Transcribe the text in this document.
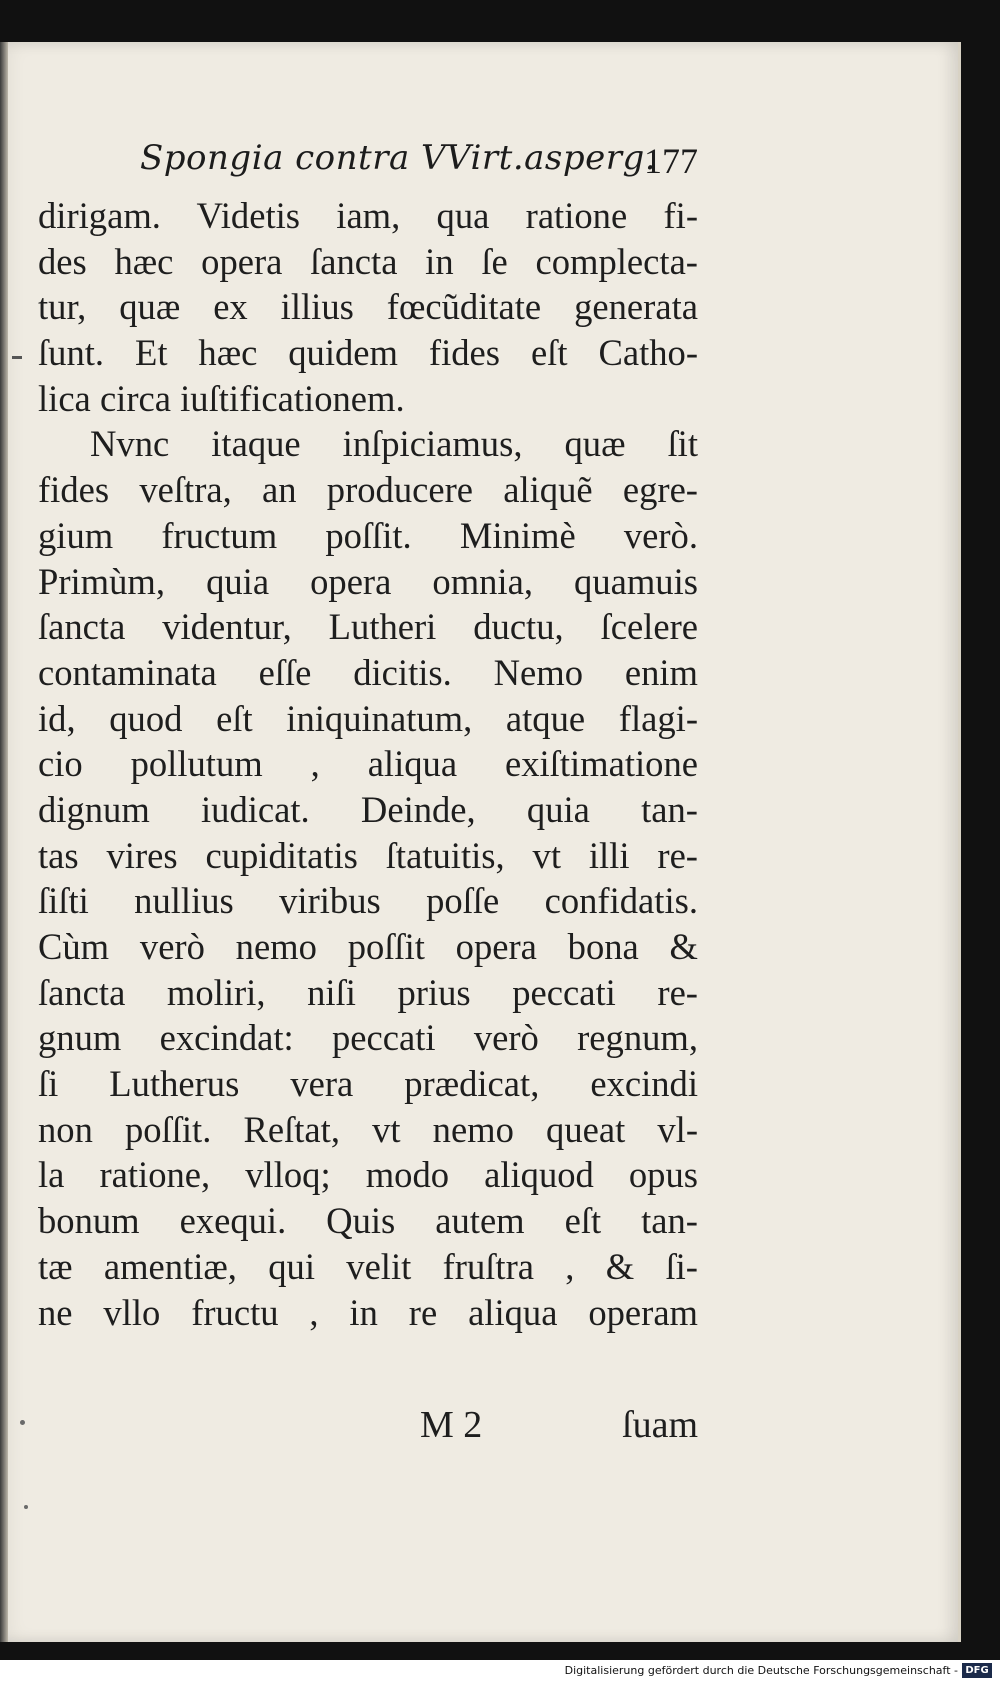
Spongia contra VVirt.asperg.
177
dirigam. Videtis iam, qua ratione fi-
des hæc opera ſancta in ſe complecta-
tur, quæ ex illius fœcũditate generata
ſunt. Et hæc quidem fides eſt Catho-
lica circa iuſtificationem.
Nvnc itaque inſpiciamus, quæ ſit
fides veſtra, an producere aliquẽ egre-
gium fructum poſſit. Minimè verò.
Primùm, quia opera omnia, quamuis
ſancta videntur, Lutheri ductu, ſcelere
contaminata eſſe dicitis. Nemo enim
id, quod eſt iniquinatum, atque flagi-
cio pollutum , aliqua exiſtimatione
dignum iudicat. Deinde, quia tan-
tas vires cupiditatis ſtatuitis, vt illi re-
ſiſti nullius viribus poſſe confidatis.
Cùm verò nemo poſſit opera bona &
ſancta moliri, niſi prius peccati re-
gnum excindat: peccati verò regnum,
ſi Lutherus vera prædicat, excindi
non poſſit. Reſtat, vt nemo queat vl-
la ratione, vlloq; modo aliquod opus
bonum exequi. Quis autem eſt tan-
tæ amentiæ, qui velit fruſtra , & ſi-
ne vllo fructu , in re aliqua operam
M 2	ſuam
Digitalisierung gefördert durch die Deutsche Forschungsgemeinschaft - DFG
